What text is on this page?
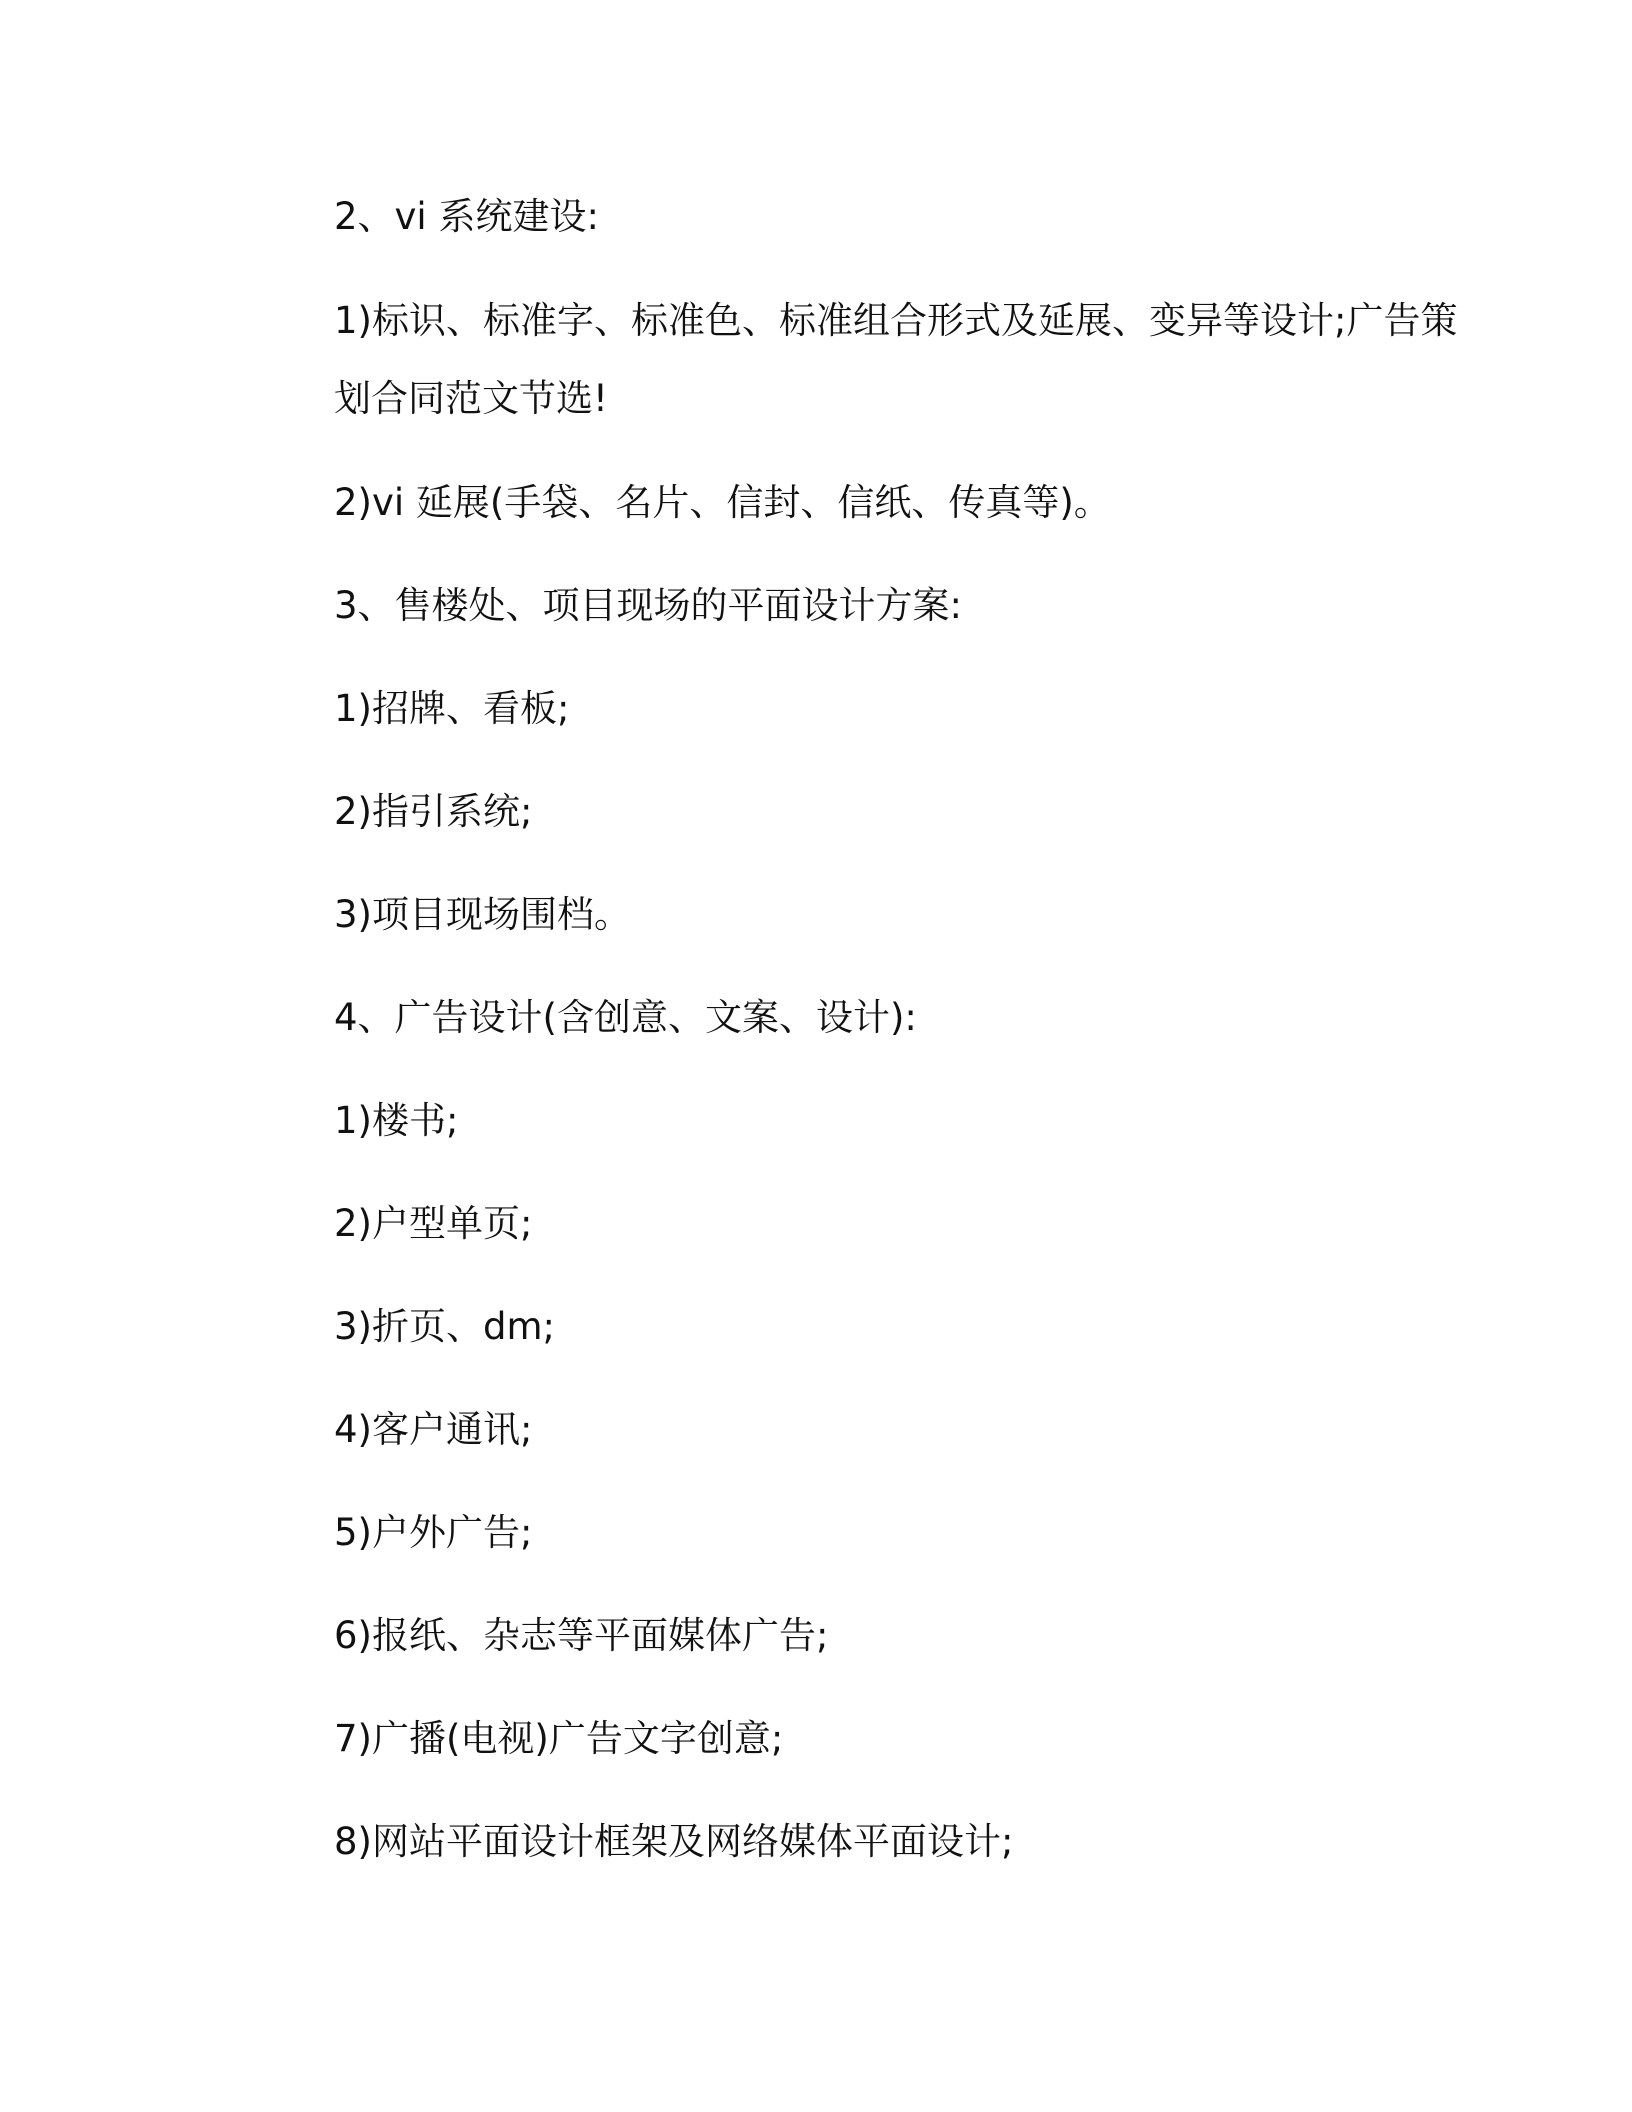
2、vi 系统建设:

1)标识、标准字、标准色、标准组合形式及延展、变异等设计;广告策划合同范文节选!

2)vi 延展(手袋、名片、信封、信纸、传真等)。

3、售楼处、项目现场的平面设计方案:

1)招牌、看板;

2)指引系统;

3)项目现场围档。

4、广告设计(含创意、文案、设计):

1)楼书;

2)户型单页;

3)折页、dm;

4)客户通讯;

5)户外广告;

6)报纸、杂志等平面媒体广告;

7)广播(电视)广告文字创意;

8)网站平面设计框架及网络媒体平面设计;
